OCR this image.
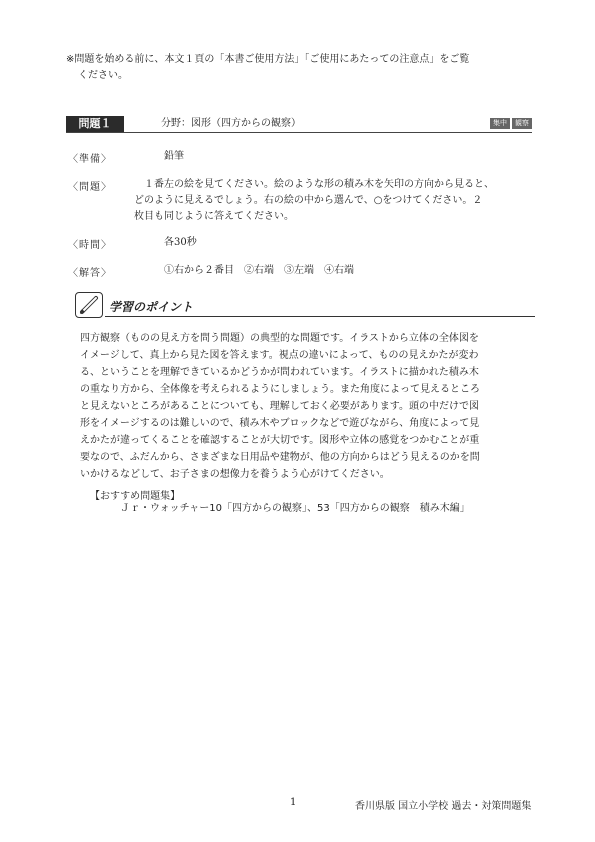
※問題を始める前に、本文１頁の「本書ご使用方法」「ご使用にあたっての注意点」をご覧
ください。
問題１	分野：図形（四方からの観察）	集中	観察
〈準備〉	鉛筆
〈問題〉 　１番左の絵を見てください。絵のような形の積み木を矢印の方向から見ると、
どのように見えるでしょう。右の絵の中から選んで、○をつけてください。２
枚目も同じように答えてください。
〈時間〉	各30秒
〈解答〉	①右から２番目　②右端　③左端　④右端
学習のポイント
四方観察（ものの見え方を問う問題）の典型的な問題です。イラストから立体の全体図を
イメージして、真上から見た図を答えます。視点の違いによって、ものの見えかたが変わ
る、ということを理解できているかどうかが問われています。イラストに描かれた積み木
の重なり方から、全体像を考えられるようにしましょう。また角度によって見えるところ
と見えないところがあることについても、理解しておく必要があります。頭の中だけで図
形をイメージするのは難しいので、積み木やブロックなどで遊びながら、角度によって見
えかたが違ってくることを確認することが大切です。図形や立体の感覚をつかむことが重
要なので、ふだんから、さまざまな日用品や建物が、他の方向からはどう見えるのかを問
いかけるなどして、お子さまの想像力を養うよう心がけてください。
【おすすめ問題集】
Ｊｒ・ウォッチャー10「四方からの観察」、53「四方からの観察　積み木編」
1	香川県版 国立小学校 過去・対策問題集
